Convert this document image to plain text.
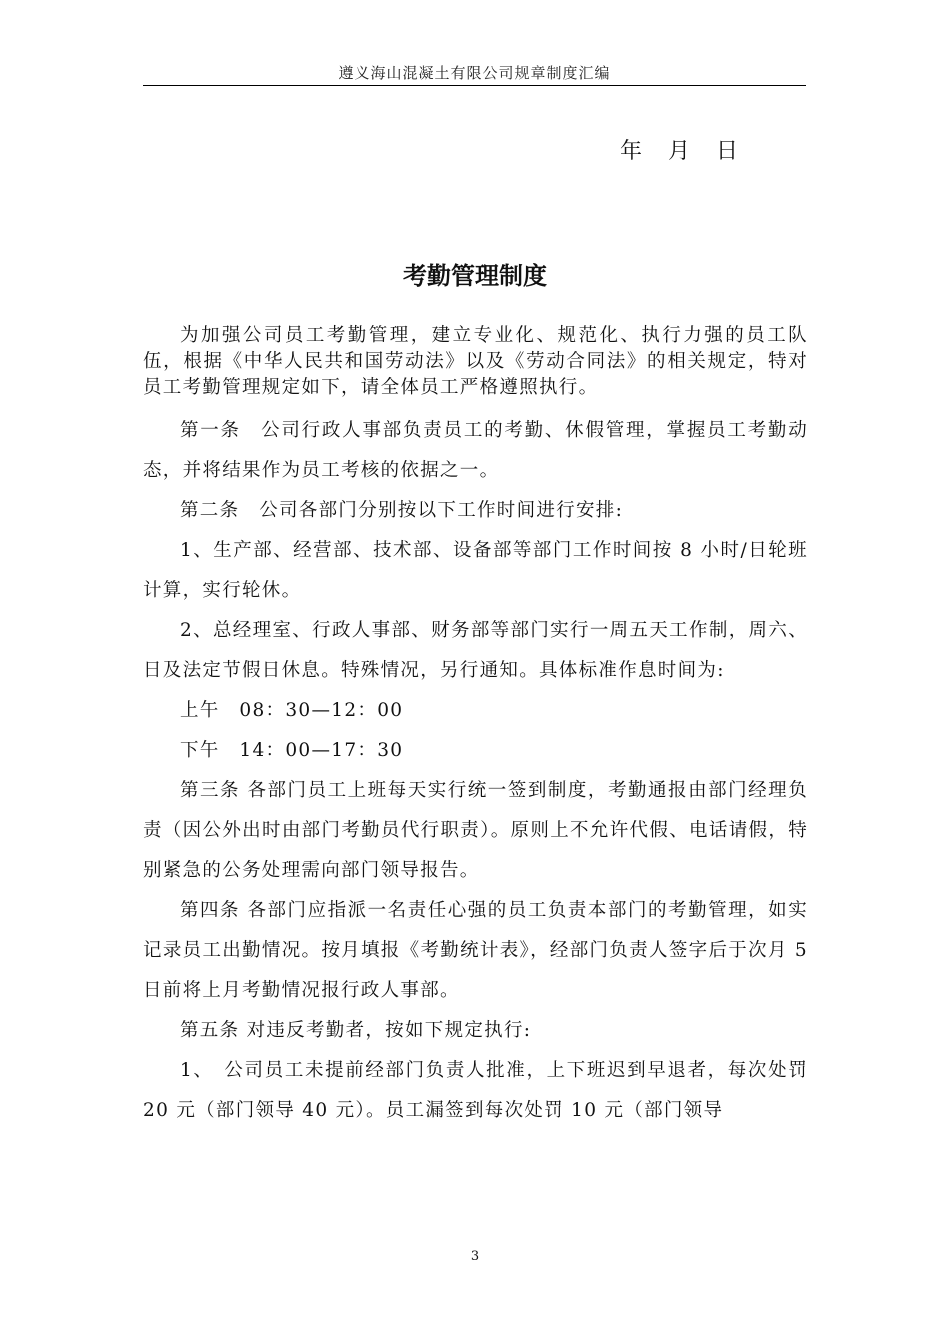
遵义海山混凝土有限公司规章制度汇编
年 月 日
考勤管理制度

为加强公司员工考勤管理，建立专业化、规范化、执行力强的员工队伍，根据《中华人民共和国劳动法》以及《劳动合同法》的相关规定，特对员工考勤管理规定如下，请全体员工严格遵照执行。

第一条　公司行政人事部负责员工的考勤、休假管理，掌握员工考勤动态，并将结果作为员工考核的依据之一。

第二条　公司各部门分别按以下工作时间进行安排:

1、生产部、经营部、技术部、设备部等部门工作时间按 8 小时/日轮班计算，实行轮休。

2、总经理室、行政人事部、财务部等部门实行一周五天工作制，周六、日及法定节假日休息。特殊情况，另行通知。具体标准作息时间为:

上午　08：30—12：00

下午　14：00—17：30

第三条 各部门员工上班每天实行统一签到制度，考勤通报由部门经理负责（因公外出时由部门考勤员代行职责）。原则上不允许代假、电话请假，特别紧急的公务处理需向部门领导报告。

第四条 各部门应指派一名责任心强的员工负责本部门的考勤管理，如实记录员工出勤情况。按月填报《考勤统计表》，经部门负责人签字后于次月 5 日前将上月考勤情况报行政人事部。

第五条 对违反考勤者，按如下规定执行:

1、　公司员工未提前经部门负责人批准，上下班迟到早退者，每次处罚 20 元（部门领导 40 元）。员工漏签到每次处罚 10 元（部门领导

3
